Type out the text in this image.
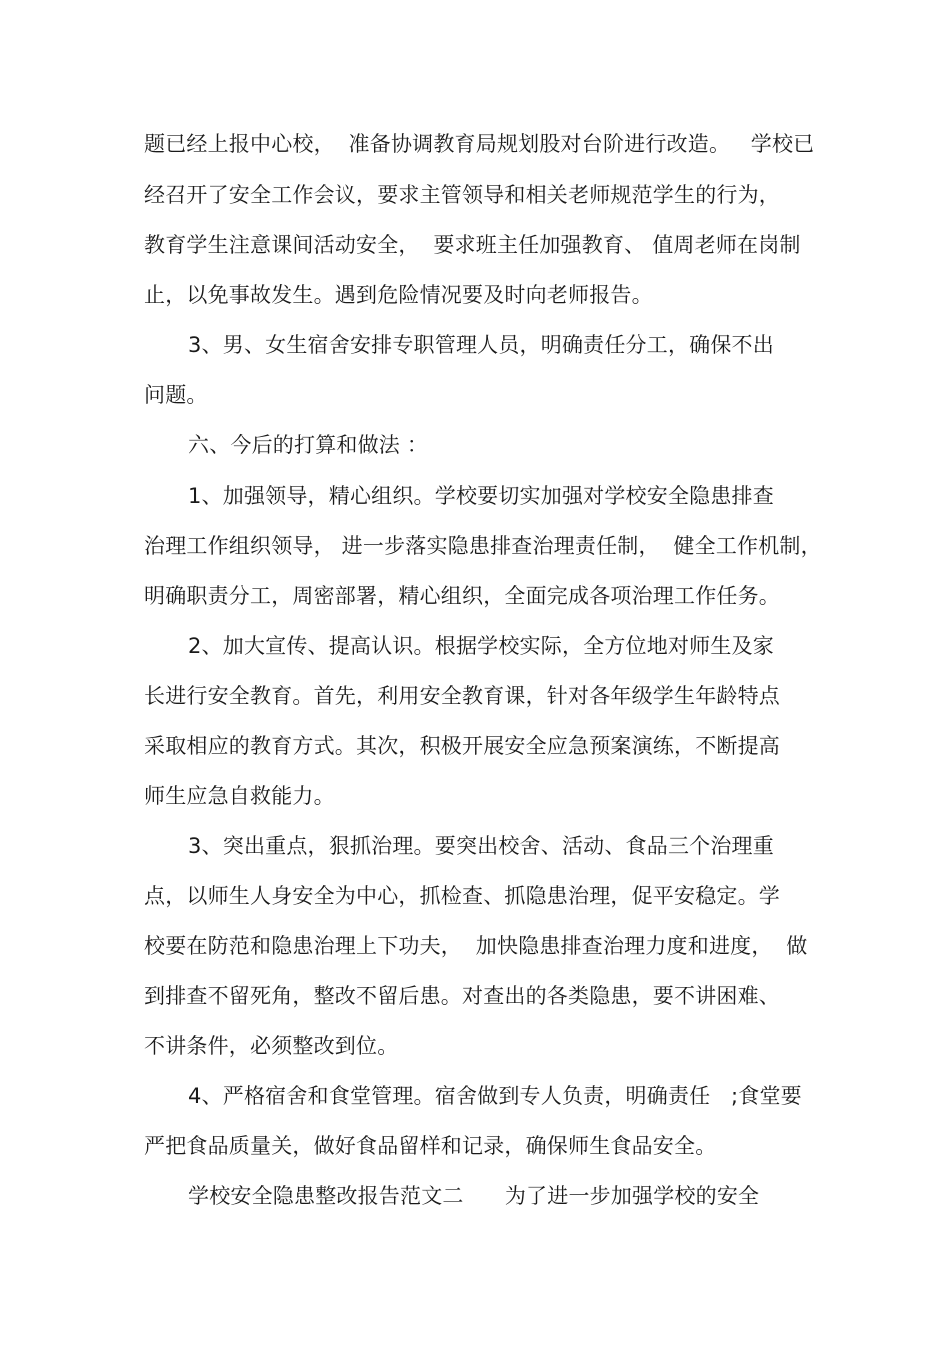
题已经上报中心校，  准备协调教育局规划股对台阶进行改造。   学校已
经召开了安全工作会议，要求主管领导和相关老师规范学生的行为，
教育学生注意课间活动安全，  要求班主任加强教育、 值周老师在岗制
止，以免事故发生。遇到危险情况要及时向老师报告。
3、男、女生宿舍安排专职管理人员，明确责任分工，确保不出
问题。
六、今后的打算和做法 ：
1、加强领导，精心组织。学校要切实加强对学校安全隐患排查
治理工作组织领导， 进一步落实隐患排查治理责任制，  健全工作机制，
明确职责分工，周密部署，精心组织，全面完成各项治理工作任务。
2、加大宣传、提高认识。根据学校实际，全方位地对师生及家
长进行安全教育。首先，利用安全教育课，针对各年级学生年龄特点
采取相应的教育方式。其次，积极开展安全应急预案演练，不断提高
师生应急自救能力。
3、突出重点，狠抓治理。要突出校舍、活动、食品三个治理重
点，以师生人身安全为中心，抓检查、抓隐患治理，促平安稳定。学
校要在防范和隐患治理上下功夫，  加快隐患排查治理力度和进度，  做
到排查不留死角，整改不留后患。对查出的各类隐患，要不讲困难、
不讲条件，必须整改到位。
4、严格宿舍和食堂管理。宿舍做到专人负责，明确责任   ;食堂要
严把食品质量关，做好食品留样和记录，确保师生食品安全。
学校安全隐患整改报告范文二      为了进一步加强学校的安全
